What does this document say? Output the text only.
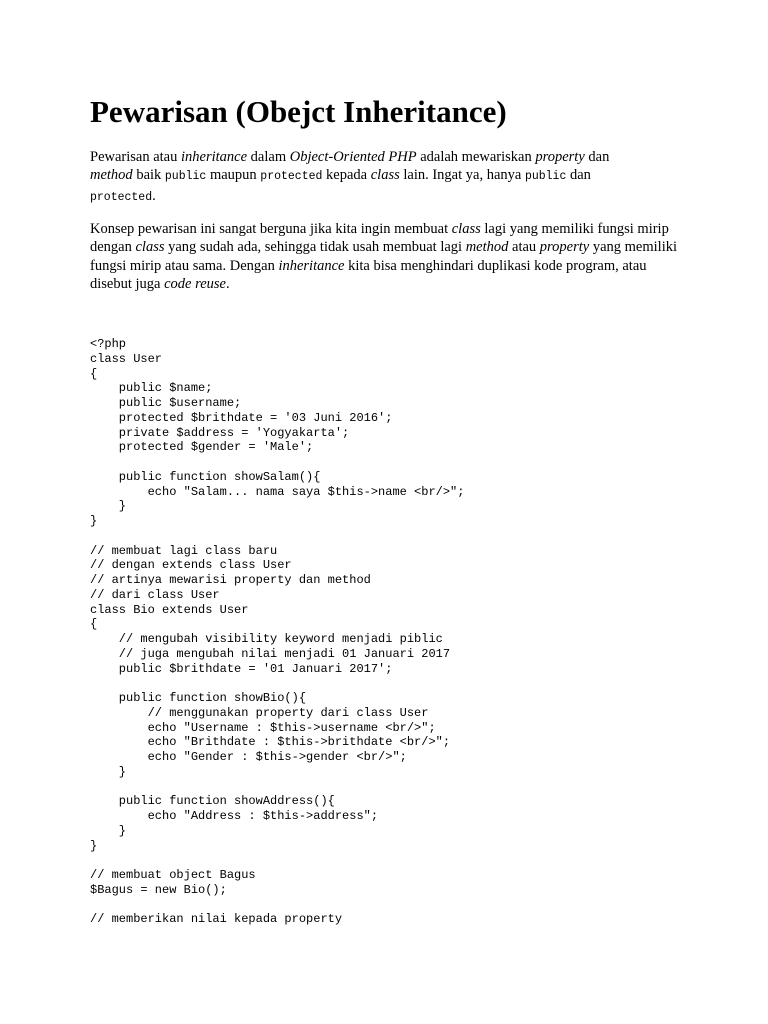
Pewarisan (Obejct Inheritance)

Pewarisan atau inheritance dalam Object-Oriented PHP adalah mewariskan property dan
method baik public maupun protected kepada class lain. Ingat ya, hanya public dan
protected.

Konsep pewarisan ini sangat berguna jika kita ingin membuat class lagi yang memiliki fungsi mirip dengan class yang sudah ada, sehingga tidak usah membuat lagi method atau property yang memiliki fungsi mirip atau sama. Dengan inheritance kita bisa menghindari duplikasi kode program, atau disebut juga code reuse.

<?php
class User
{
public $name;
public $username;
protected $brithdate = '03 Juni 2016';
private $address = 'Yogyakarta';
protected $gender = 'Male';

public function showSalam(){
echo "Salam... nama saya $this->name <br/>";
}
}

// membuat lagi class baru
// dengan extends class User
// artinya mewarisi property dan method
// dari class User
class Bio extends User
{
// mengubah visibility keyword menjadi piblic
// juga mengubah nilai menjadi 01 Januari 2017
public $brithdate = '01 Januari 2017';

public function showBio(){
// menggunakan property dari class User
echo "Username : $this->username <br/>";
echo "Brithdate : $this->brithdate <br/>";
echo "Gender : $this->gender <br/>";
}

public function showAddress(){
echo "Address : $this->address";
}
}

// membuat object Bagus
$Bagus = new Bio();

// memberikan nilai kepada property
